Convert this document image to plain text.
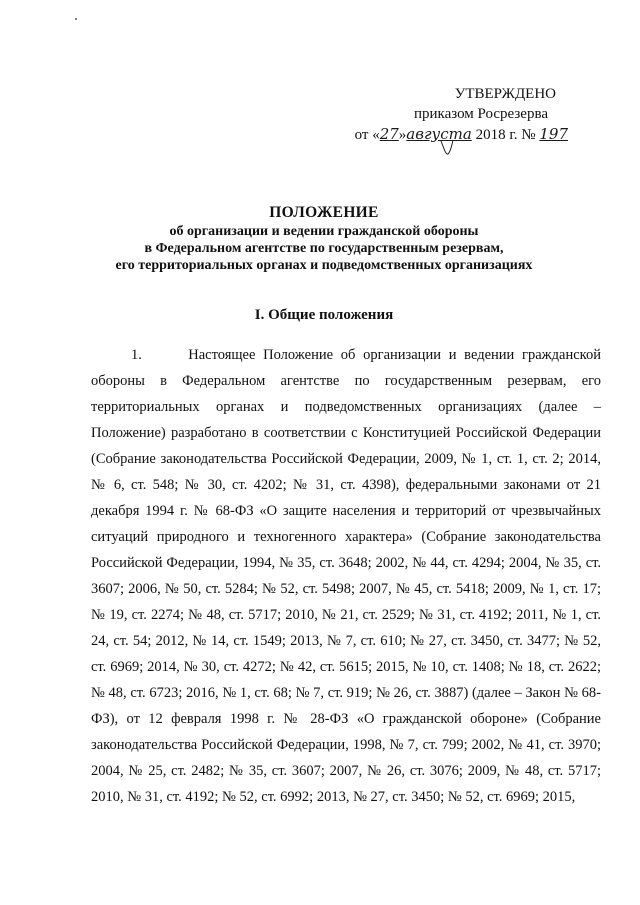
УТВЕРЖДЕНО
приказом Росрезерва
от «27»августа 2018 г. № 197
ПОЛОЖЕНИЕ
об организации и ведении гражданской обороны
в Федеральном агентстве по государственным резервам,
его территориальных органах и подведомственных организациях
I. Общие положения

1.      Настоящее Положение об организации и ведении гражданской обороны в Федеральном агентстве по государственным резервам, его территориальных органах и подведомственных организациях (далее – Положение) разработано в соответствии с Конституцией Российской Федерации (Собрание законодательства Российской Федерации, 2009, № 1, ст. 1, ст. 2; 2014, № 6, ст. 548; № 30, ст. 4202; № 31, ст. 4398), федеральными законами от 21 декабря 1994 г. № 68-ФЗ «О защите населения и территорий от чрезвычайных ситуаций природного и техногенного характера» (Собрание законодательства Российской Федерации, 1994, № 35, ст. 3648; 2002, № 44, ст. 4294; 2004, № 35, ст. 3607; 2006, № 50, ст. 5284; № 52, ст. 5498; 2007, № 45, ст. 5418; 2009, № 1, ст. 17; № 19, ст. 2274; № 48, ст. 5717; 2010, № 21, ст. 2529; № 31, ст. 4192; 2011, № 1, ст. 24, ст. 54; 2012, № 14, ст. 1549; 2013, № 7, ст. 610; № 27, ст. 3450, ст. 3477; № 52, ст. 6969; 2014, № 30, ст. 4272; № 42, ст. 5615; 2015, № 10, ст. 1408; № 18, ст. 2622; № 48, ст. 6723; 2016, № 1, ст. 68; № 7, ст. 919; № 26, ст. 3887) (далее – Закон № 68-ФЗ), от 12 февраля 1998 г. № 28-ФЗ «О гражданской обороне» (Собрание законодательства Российской Федерации, 1998, № 7, ст. 799; 2002, № 41, ст. 3970; 2004, № 25, ст. 2482; № 35, ст. 3607; 2007, № 26, ст. 3076; 2009, № 48, ст. 5717; 2010, № 31, ст. 4192; № 52, ст. 6992; 2013, № 27, ст. 3450; № 52, ст. 6969; 2015,
